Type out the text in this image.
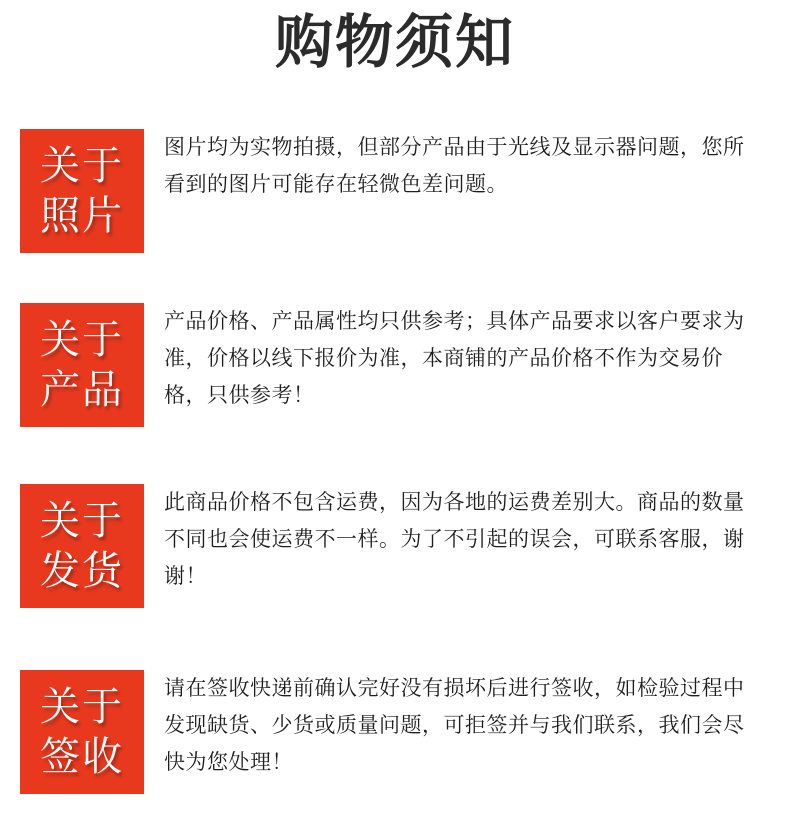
购物须知
关于
照片

图片均为实物拍摄，但部分产品由于光线及显示器问题，您所看到的图片可能存在轻微色差问题。

关于
产品

产品价格、产品属性均只供参考；具体产品要求以客户要求为准，价格以线下报价为准，本商铺的产品价格不作为交易价格，只供参考！

关于
发货

此商品价格不包含运费，因为各地的运费差别大。商品的数量不同也会使运费不一样。为了不引起的误会，可联系客服，谢谢！

关于
签收

请在签收快递前确认完好没有损坏后进行签收，如检验过程中发现缺货、少货或质量问题，可拒签并与我们联系，我们会尽快为您处理！
